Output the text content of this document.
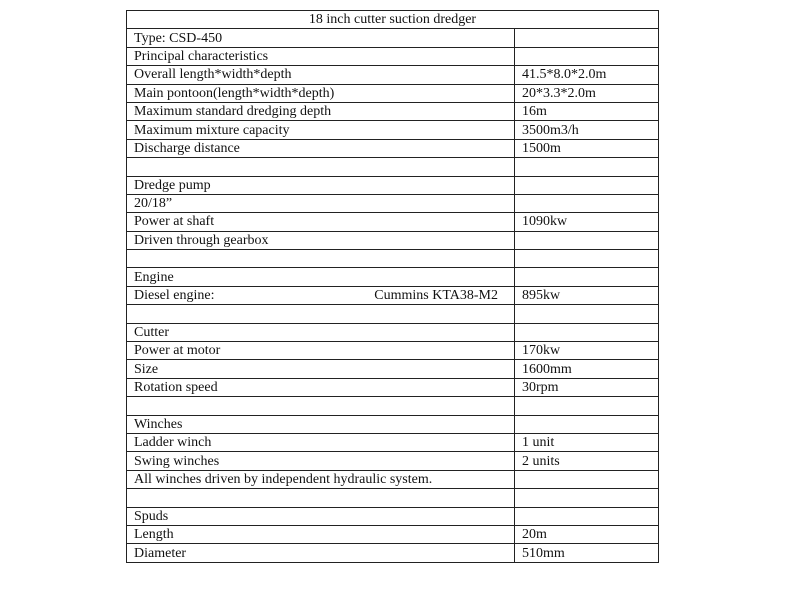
18 inch cutter suction dredger	
Type: CSD-450	
Principal characteristics	
Overall length*width*depth	41.5*8.0*2.0m
Main pontoon(length*width*depth)	20*3.3*2.0m
Maximum standard dredging depth	16m
Maximum mixture capacity	3500m3/h
Discharge distance	1500m

Dredge pump	
20/18”	
Power at shaft	1090kw
Driven through gearbox	

Engine	

Diesel engine: Cummins KTA38-M2	895kw

Cutter	
Power at motor	170kw
Size	1600mm
Rotation speed	30rpm

Winches	
Ladder winch	1 unit
Swing winches	2 units
All winches driven by independent hydraulic system.	

Spuds	
Length	20m
Diameter	510mm
